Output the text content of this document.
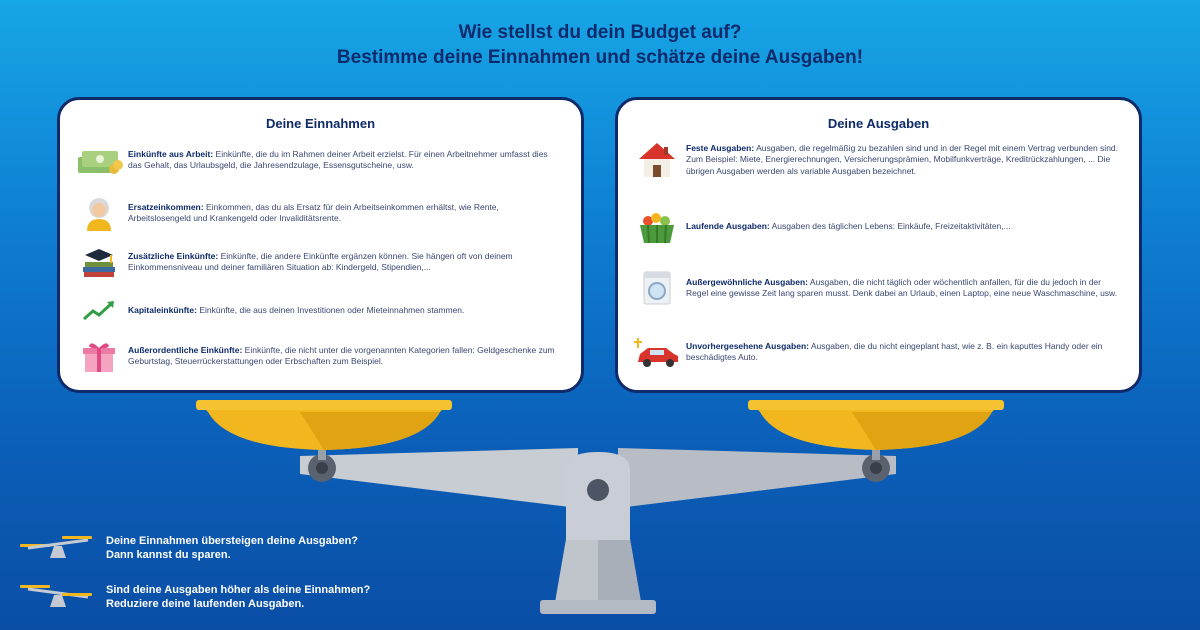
Wie stellst du dein Budget auf?
Bestimme deine Einnahmen und schätze deine Ausgaben!
Deine Einnahmen

Einkünfte aus Arbeit: Einkünfte, die du im Rahmen deiner Arbeit erzielst. Für einen Arbeitnehmer umfasst dies das Gehalt, das Urlaubsgeld, die Jahresendzulage, Essensgutscheine, usw.

Ersatzeinkommen: Einkommen, das du als Ersatz für dein Arbeitseinkommen erhältst, wie Rente, Arbeitslosengeld und Krankengeld oder Invaliditätsrente.

Zusätzliche Einkünfte: Einkünfte, die andere Einkünfte ergänzen können. Sie hängen oft von deinem Einkommensniveau und deiner familiären Situation ab: Kindergeld, Stipendien,...

Kapitaleinkünfte: Einkünfte, die aus deinen Investitionen oder Mieteinnahmen stammen.

Außerordentliche Einkünfte: Einkünfte, die nicht unter die vorgenannten Kategorien fallen: Geldgeschenke zum Geburtstag, Steuerrückerstattungen oder Erbschaften zum Beispiel.

Deine Ausgaben

Feste Ausgaben: Ausgaben, die regelmäßig zu bezahlen sind und in der Regel mit einem Vertrag verbunden sind. Zum Beispiel: Miete, Energierechnungen, Versicherungsprämien, Mobilfunkverträge, Kreditrückzahlungen, ... Die übrigen Ausgaben werden als variable Ausgaben bezeichnet.

Laufende Ausgaben: Ausgaben des täglichen Lebens: Einkäufe, Freizeitaktivitäten,...

Außergewöhnliche Ausgaben: Ausgaben, die nicht täglich oder wöchentlich anfallen, für die du jedoch in der Regel eine gewisse Zeit lang sparen musst. Denk dabei an Urlaub, einen Laptop, eine neue Waschmaschine, usw.

Unvorhergesehene Ausgaben: Ausgaben, die du nicht eingeplant hast, wie z. B. ein kaputtes Handy oder ein beschädigtes Auto.

Deine Einnahmen übersteigen deine Ausgaben?
Dann kannst du sparen.
Sind deine Ausgaben höher als deine Einnahmen?
Reduziere deine laufenden Ausgaben.
